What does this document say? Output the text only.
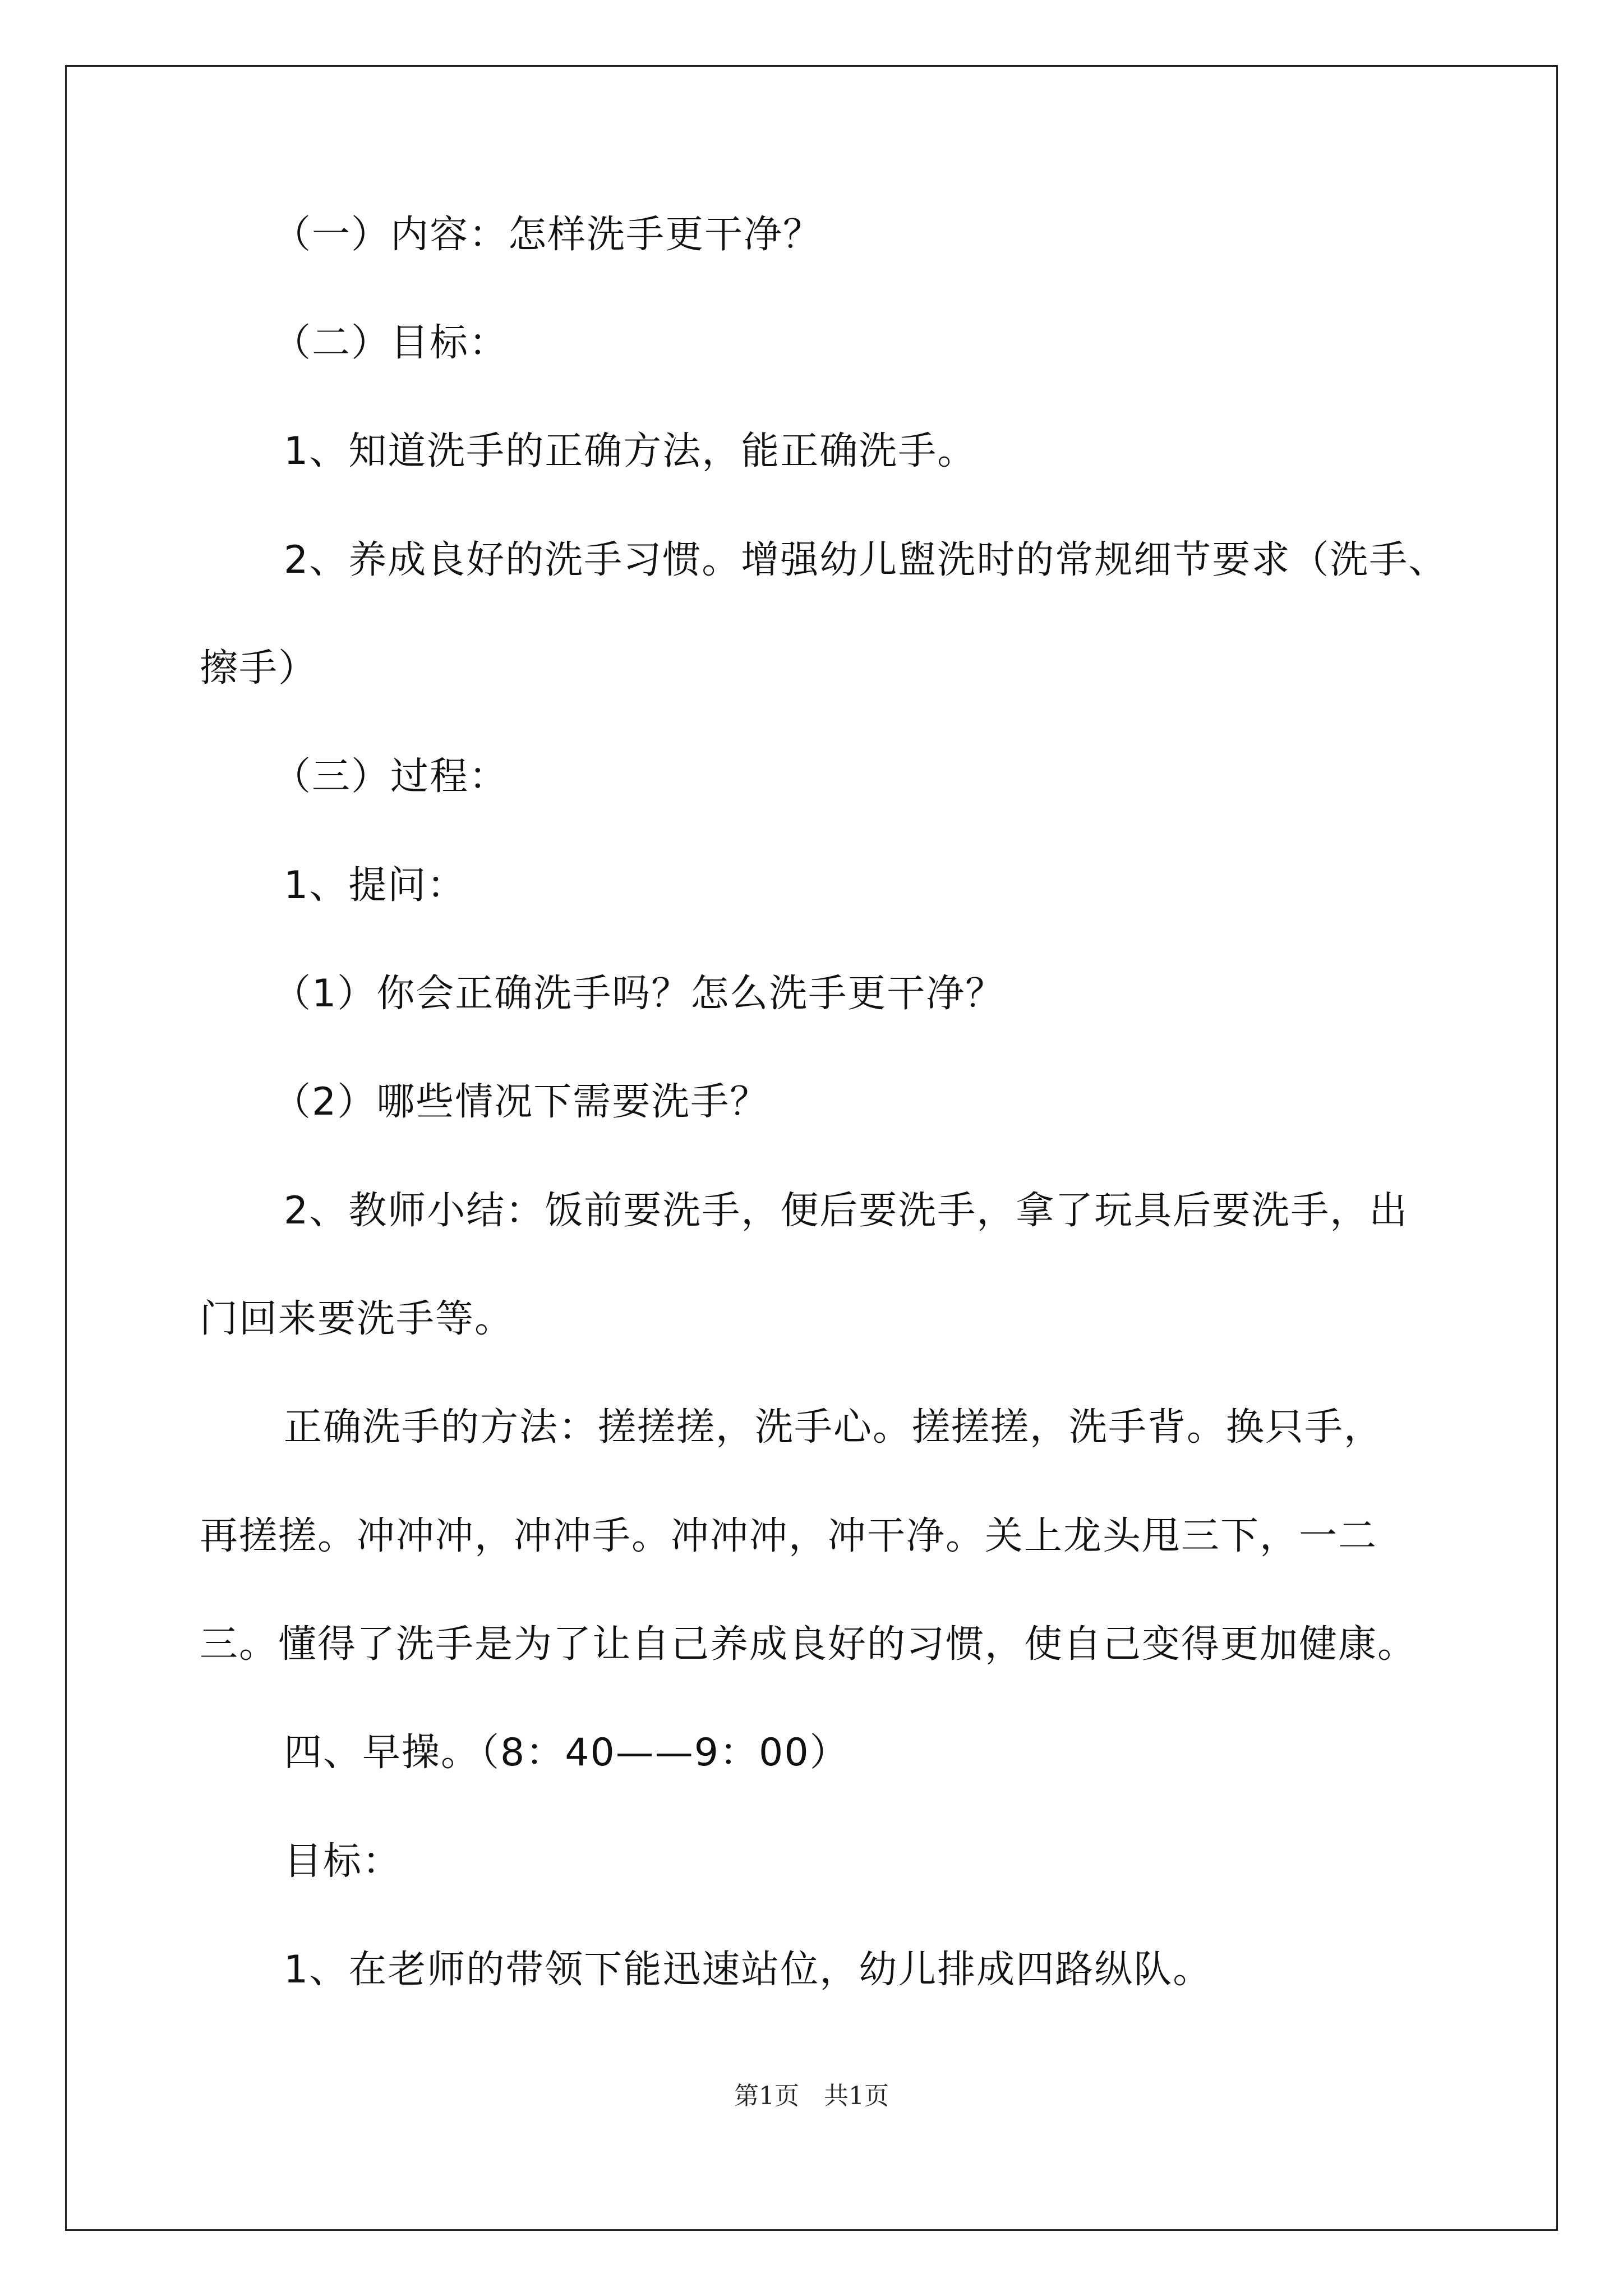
（一）内容：怎样洗手更干净？
（二）目标：
1、知道洗手的正确方法，能正确洗手。
2、养成良好的洗手习惯。增强幼儿盥洗时的常规细节要求（洗手、
擦手）
（三）过程：
1、提问：
（1）你会正确洗手吗？怎么洗手更干净？
（2）哪些情况下需要洗手？
2、教师小结：饭前要洗手，便后要洗手，拿了玩具后要洗手，出
门回来要洗手等。
正确洗手的方法：搓搓搓，洗手心。搓搓搓，洗手背。换只手，
再搓搓。冲冲冲，冲冲手。冲冲冲，冲干净。关上龙头甩三下，一二
三。懂得了洗手是为了让自己养成良好的习惯，使自己变得更加健康。
四、早操。（8：40——9：00）
目标：
1、在老师的带领下能迅速站位，幼儿排成四路纵队。
第1页　共1页
